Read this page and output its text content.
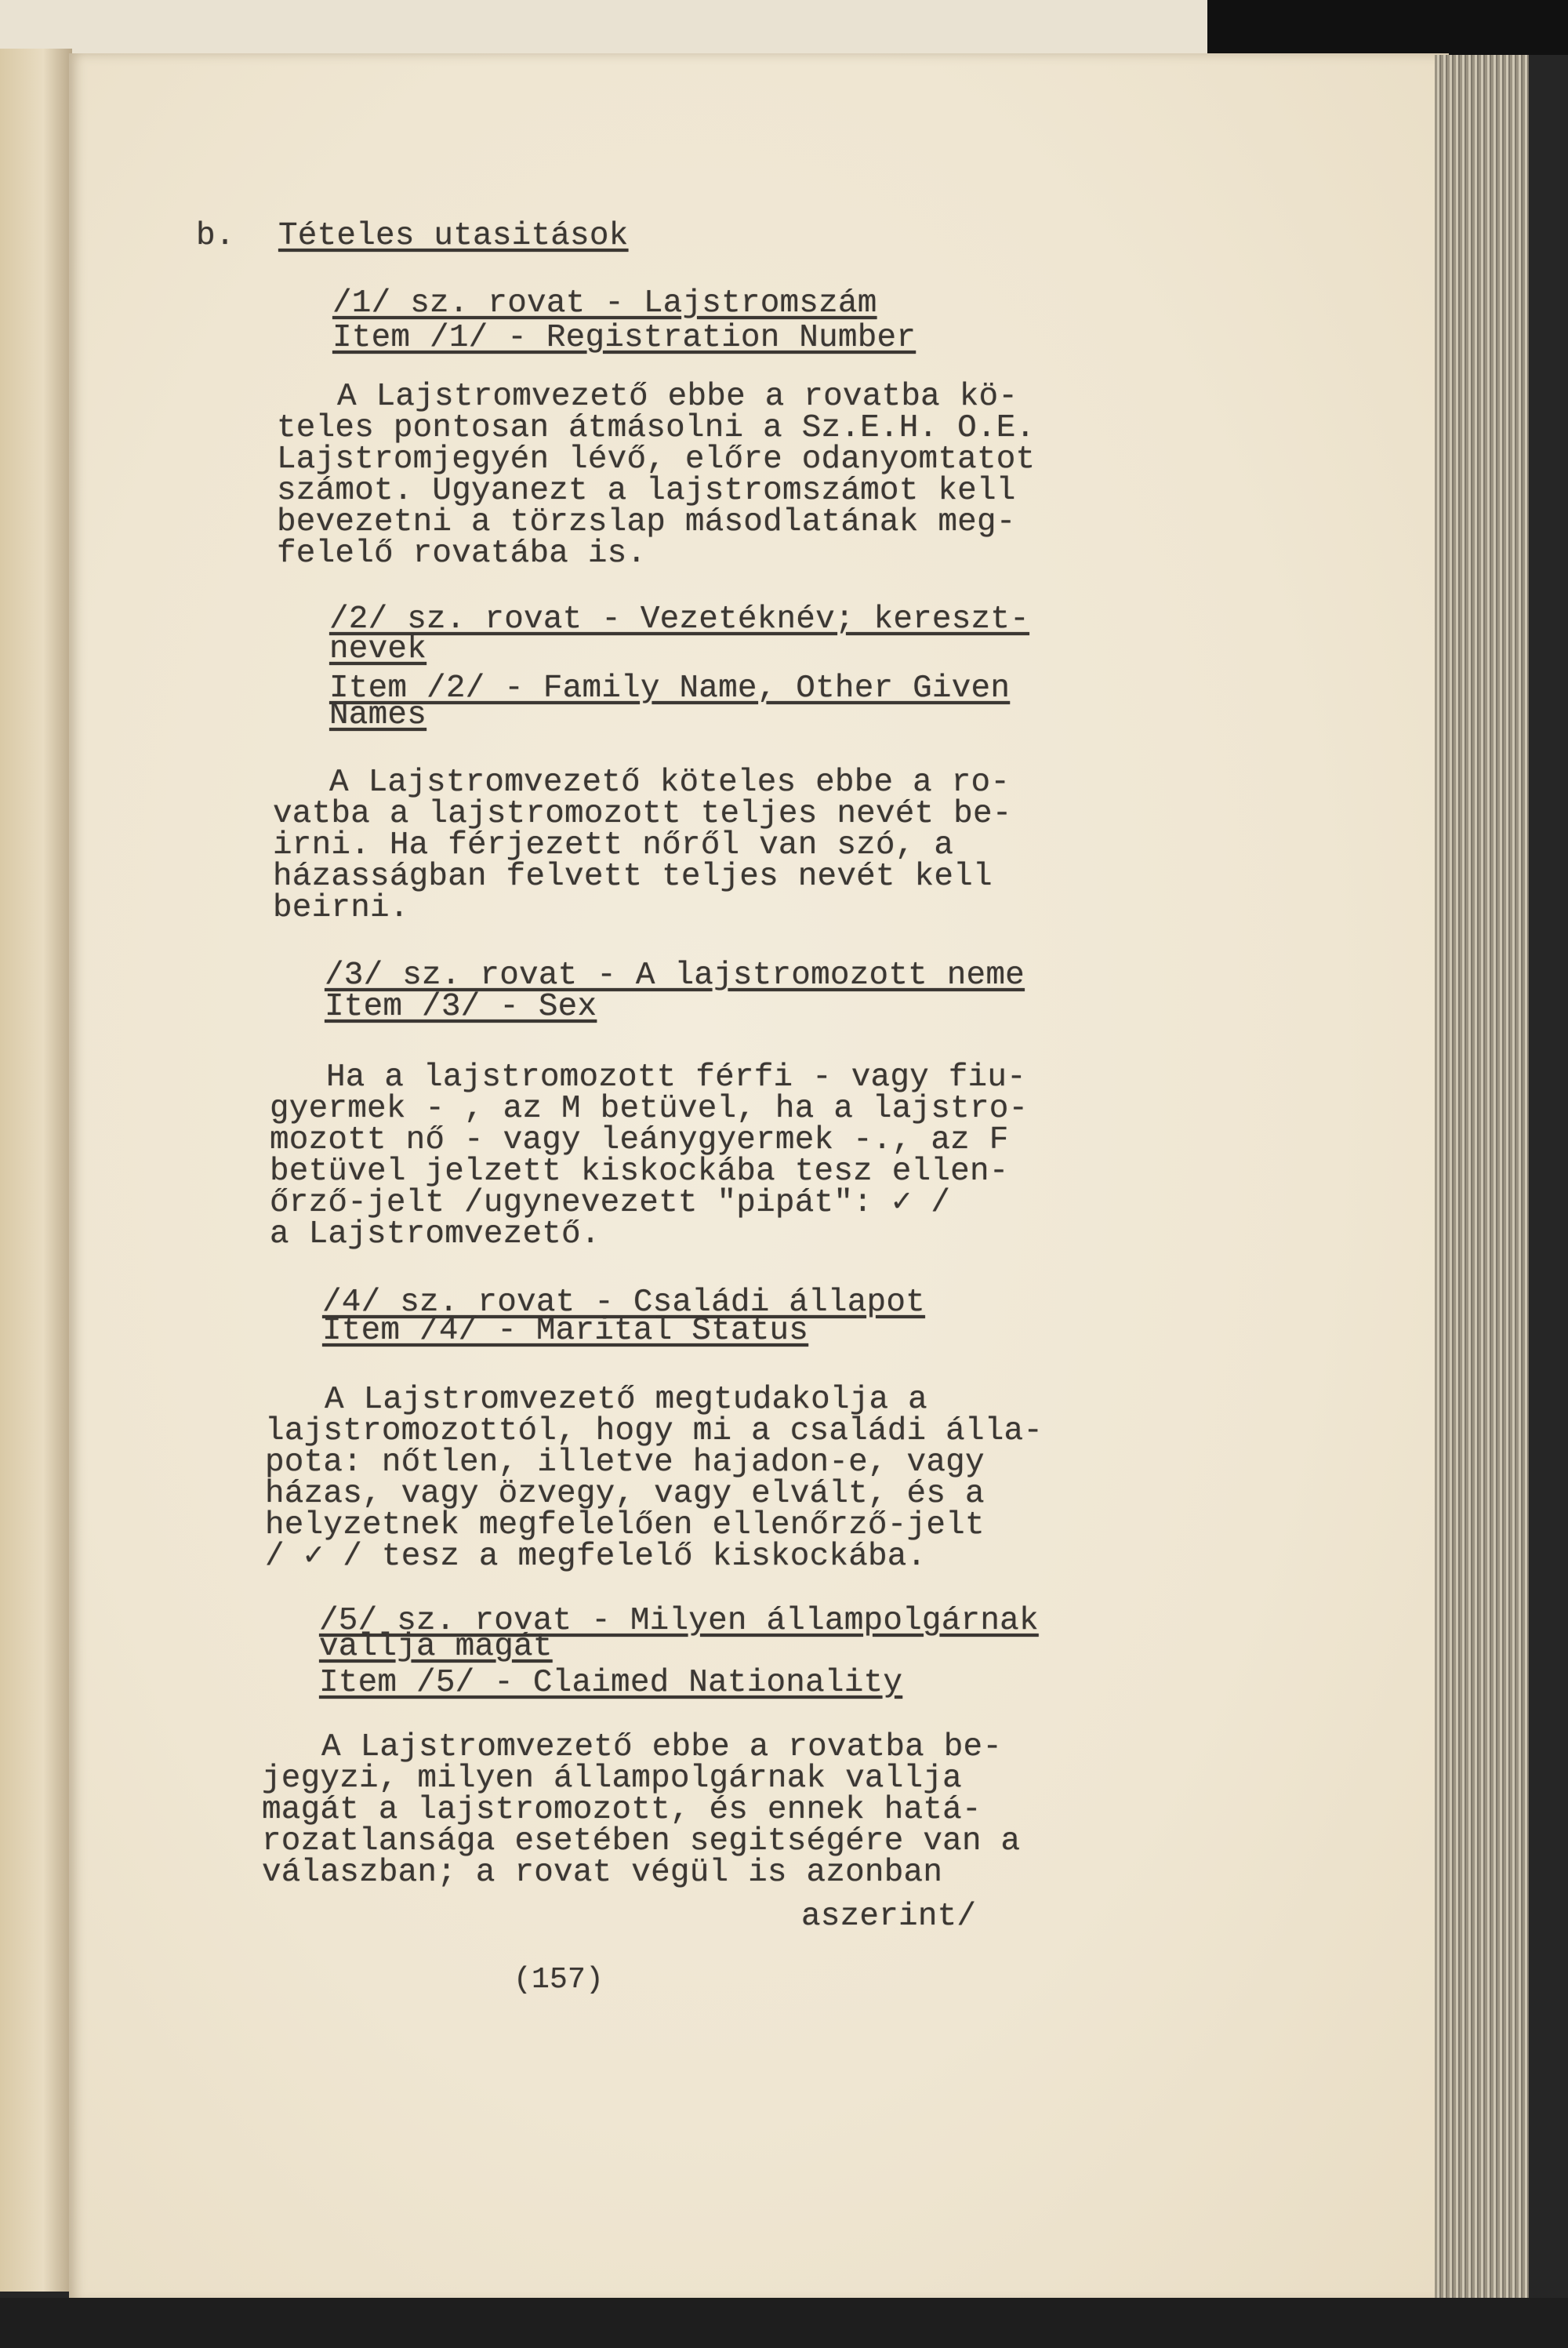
b. Tételes utasitások
/1/ sz. rovat - Lajstromszám
Item /1/ - Registration Number
A Lajstromvezető ebbe a rovatba kö-
teles pontosan átmásolni a Sz.E.H. O.E.
Lajstromjegyén lévő, előre odanyomtatot
számot. Ugyanezt a lajstromszámot kell
bevezetni a törzslap másodlatának meg-
felelő rovatába is.
/2/ sz. rovat - Vezetéknév; kereszt-
nevek
Item /2/ - Family Name, Other Given
Names
A Lajstromvezető köteles ebbe a ro-
vatba a lajstromozott teljes nevét be-
irni. Ha férjezett nőről van szó, a
házasságban felvett teljes nevét kell
beirni.
/3/ sz. rovat - A lajstromozott neme
Item /3/ - Sex
Ha a lajstromozott férfi - vagy fiu-
gyermek - , az M betüvel, ha a lajstro-
mozott nő - vagy leánygyermek -., az F
betüvel jelzett kiskockába tesz ellen-
őrző-jelt /ugynevezett "pipát": ✓ /
a Lajstromvezető.
/4/ sz. rovat - Családi állapot
Item /4/ - Marital Status
A Lajstromvezető megtudakolja a
lajstromozottól, hogy mi a családi álla-
pota: nőtlen, illetve hajadon-e, vagy
házas, vagy özvegy, vagy elvált, és a
helyzetnek megfelelően ellenőrző-jelt
/ ✓ / tesz a megfelelő kiskockába.
/5/ sz. rovat - Milyen állampolgárnak
vallja magát
Item /5/ - Claimed Nationality
A Lajstromvezető ebbe a rovatba be-
jegyzi, milyen állampolgárnak vallja
magát a lajstromozott, és ennek hatá-
rozatlansága esetében segitségére van a
válaszban; a rovat végül is azonban
aszerint/
(157)
